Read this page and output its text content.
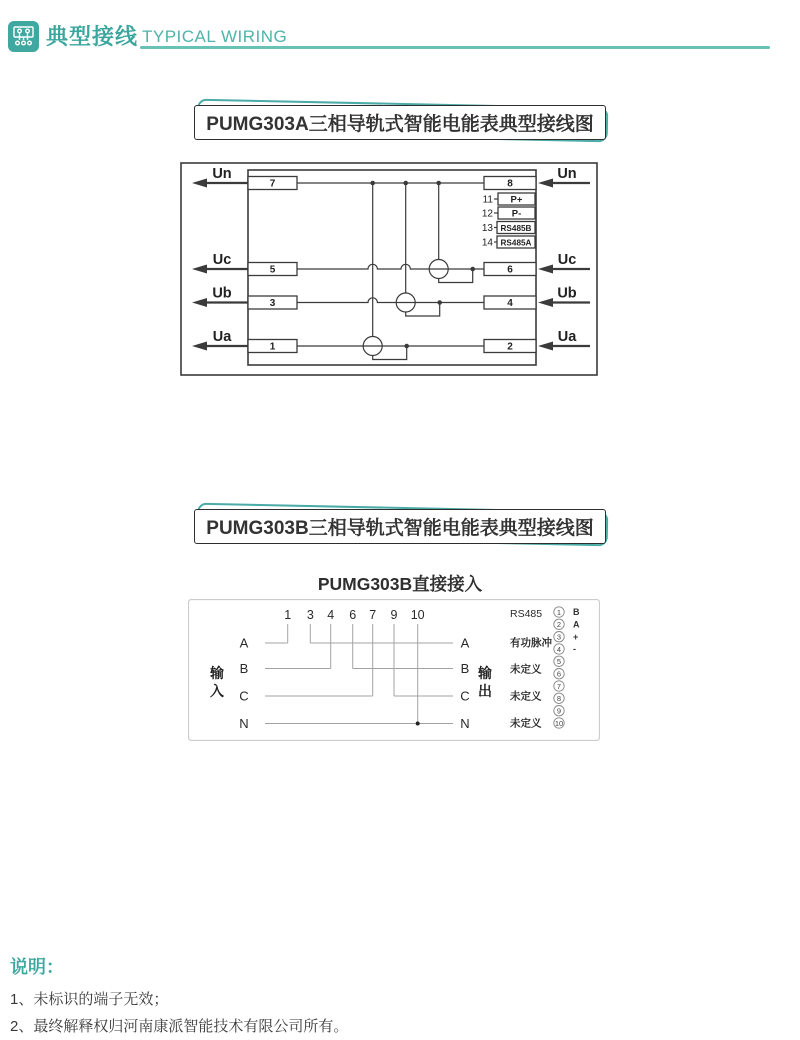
典型接线 TYPICAL WIRING
PUMG303A三相导轨式智能电能表典型接线图
Un
7	8
Un
Uc
5	6
Uc
Ub
3	4
Ub
Ua
1	2
Ua
11 P+
12 P-
13 RS485B
14 RS485A
PUMG303B三相导轨式智能电能表典型接线图
PUMG303B直接接入
1 3 4 6 7 9 10
输
入
A
B
C
N
A
B
C
N
输
出
RS485
有功脉冲
未定义
未定义
未定义
1 B
2 A
3 +
4 -
5
6
7
8
9
10
说明：
1、未标识的端子无效；
2、最终解释权归河南康派智能技术有限公司所有。
